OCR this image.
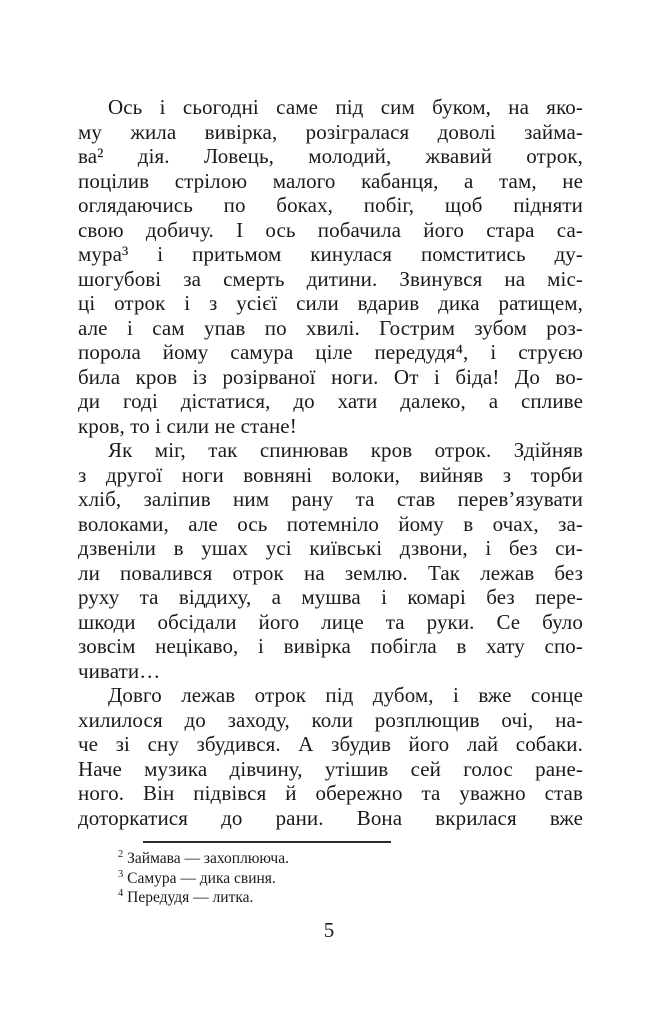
Ось і сьогодні саме під сим буком, на яко-
му жила вивірка, розігралася доволі займа-
ва² дія. Ловець, молодий, жвавий отрок,
поцілив стрілою малого кабанця, а там, не
оглядаючись по боках, побіг, щоб підняти
свою добичу. І ось побачила його стара са-
мура³ і притьмом кинулася помститись ду-
шогубові за смерть дитини. Звинувся на міс-
ці отрок і з усієї сили вдарив дика ратищем,
але і сам упав по хвилі. Гострим зубом роз-
порола йому самура ціле передудя⁴, і струєю
била кров із розірваної ноги. От і біда! До во-
ди годі дістатися, до хати далеко, а спливе
кров, то і сили не стане!
Як міг, так спинював кров отрок. Здійняв
з другої ноги вовняні волоки, вийняв з торби
хліб, заліпив ним рану та став перев’язувати
волоками, але ось потемніло йому в очах, за-
дзвеніли в ушах усі київські дзвони, і без си-
ли повалився отрок на землю. Так лежав без
руху та віддиху, а мушва і комарі без пере-
шкоди обсідали його лице та руки. Се було
зовсім нецікаво, і вивірка побігла в хату спо-
чивати…
Довго лежав отрок під дубом, і вже сонце
хилилося до заходу, коли розплющив очі, на-
че зі сну збудився. А збудив його лай собаки.
Наче музика дівчину, утішив сей голос ране-
ного. Він підвівся й обережно та уважно став
доторкатися до рани. Вона вкрилася вже
$^2$ Займава — захоплююча.
$^3$ Самура — дика свиня.
$^4$ Передудя — литка.
5
